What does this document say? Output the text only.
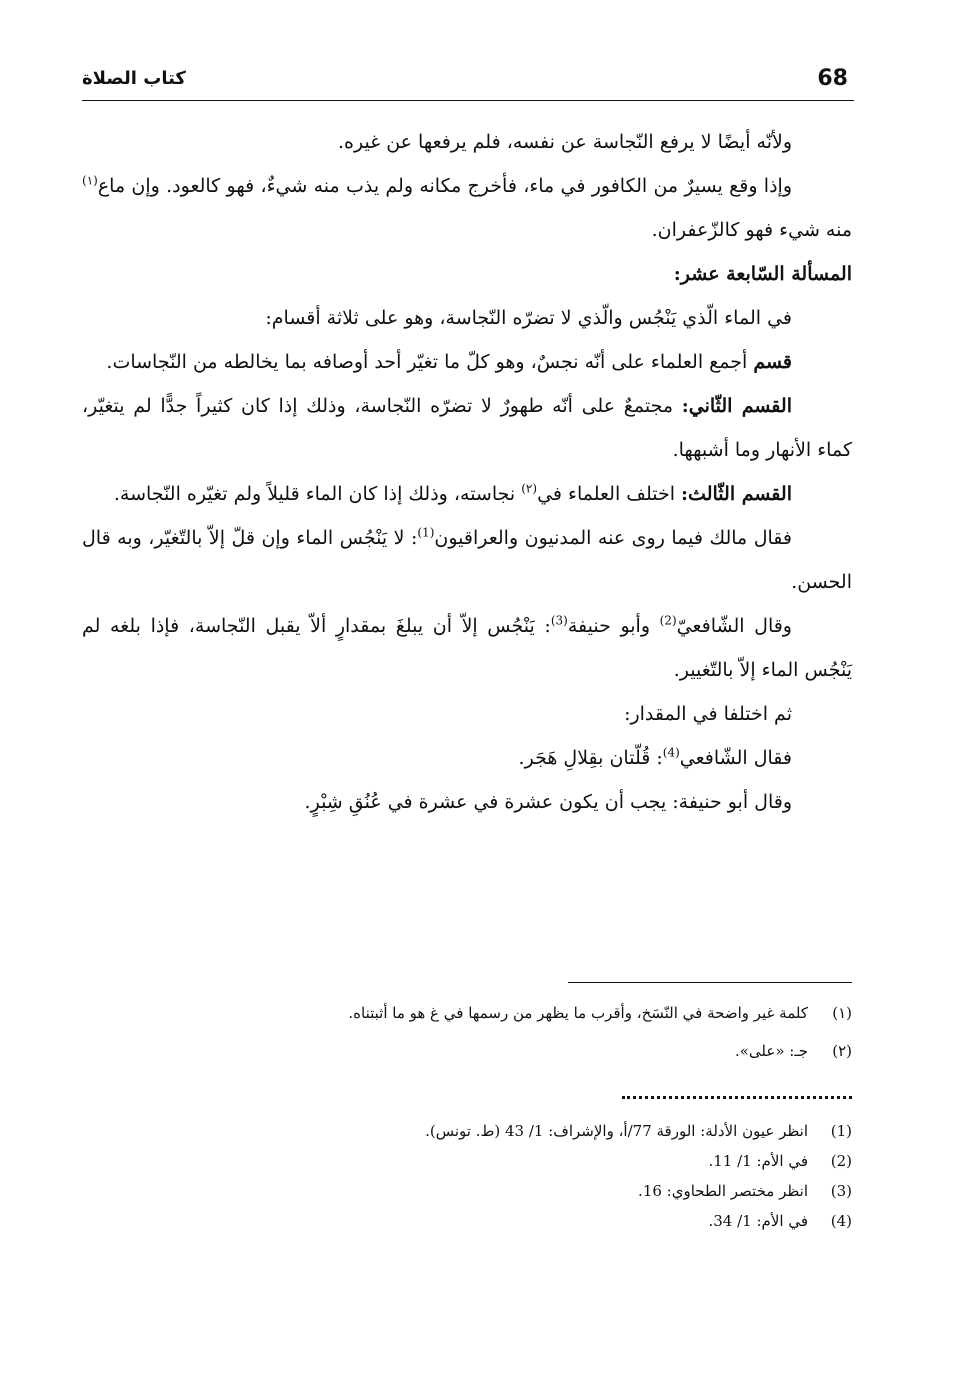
68
كتاب الصلاة

ولأنّه أيضًا لا يرفع النّجاسة عن نفسه، فلم يرفعها عن غيره.

وإذا وقع يسيرٌ من الكافور في ماء، فأخرج مكانه ولم يذب منه شيءٌ، فهو كالعود. وإن ماع$^{(١)}$ منه شيء فهو كالزّعفران.

المسألة السّابعة عشر:

في الماء الّذي يَنْجُس والّذي لا تضرّه النّجاسة، وهو على ثلاثة أقسام:

قسم أجمع العلماء على أنّه نجسٌ، وهو كلّ ما تغيّر أحد أوصافه بما يخالطه من النّجاسات.

القسم الثّاني: مجتمعٌ على أنّه طهورٌ لا تضرّه النّجاسة، وذلك إذا كان كثيراً جدًّا لم يتغيّر، كماء الأنهار وما أشبهها.

القسم الثّالث: اختلف العلماء في$^{(٢)}$ نجاسته، وذلك إذا كان الماء قليلاً ولم تغيّره النّجاسة.

فقال مالك فيما روى عنه المدنيون والعراقيون$^{(1)}$: لا يَنْجُس الماء وإن قلّ إلاّ بالتّغيّر، وبه قال الحسن.

وقال الشّافعيّ$^{(2)}$ وأبو حنيفة$^{(3)}$: يَنْجُس إلاّ أن يبلغَ بمقدارٍ ألاّ يقبل النّجاسة، فإذا بلغه لم يَنْجُس الماء إلاّ بالتّغيير.

ثم اختلفا في المقدار:

فقال الشّافعي$^{(4)}$: قُلّتان بقِلالِ هَجَر.

وقال أبو حنيفة: يجب أن يكون عشرة في عشرة في عُنُقِ شِبْرٍ.

(١)
كلمة غير واضحة في النّسَخ، وأقرب ما يظهر من رسمها في غ هو ما أثبتناه.
(٢)
جـ: «على».
(1)
انظر عيون الأدلة: الورقة 77/أ، والإشراف: 1/ 43 (ط. تونس).
(2)
في الأم: 1/ 11.
(3)
انظر مختصر الطحاوي: 16.
(4)
في الأم: 1/ 34.
